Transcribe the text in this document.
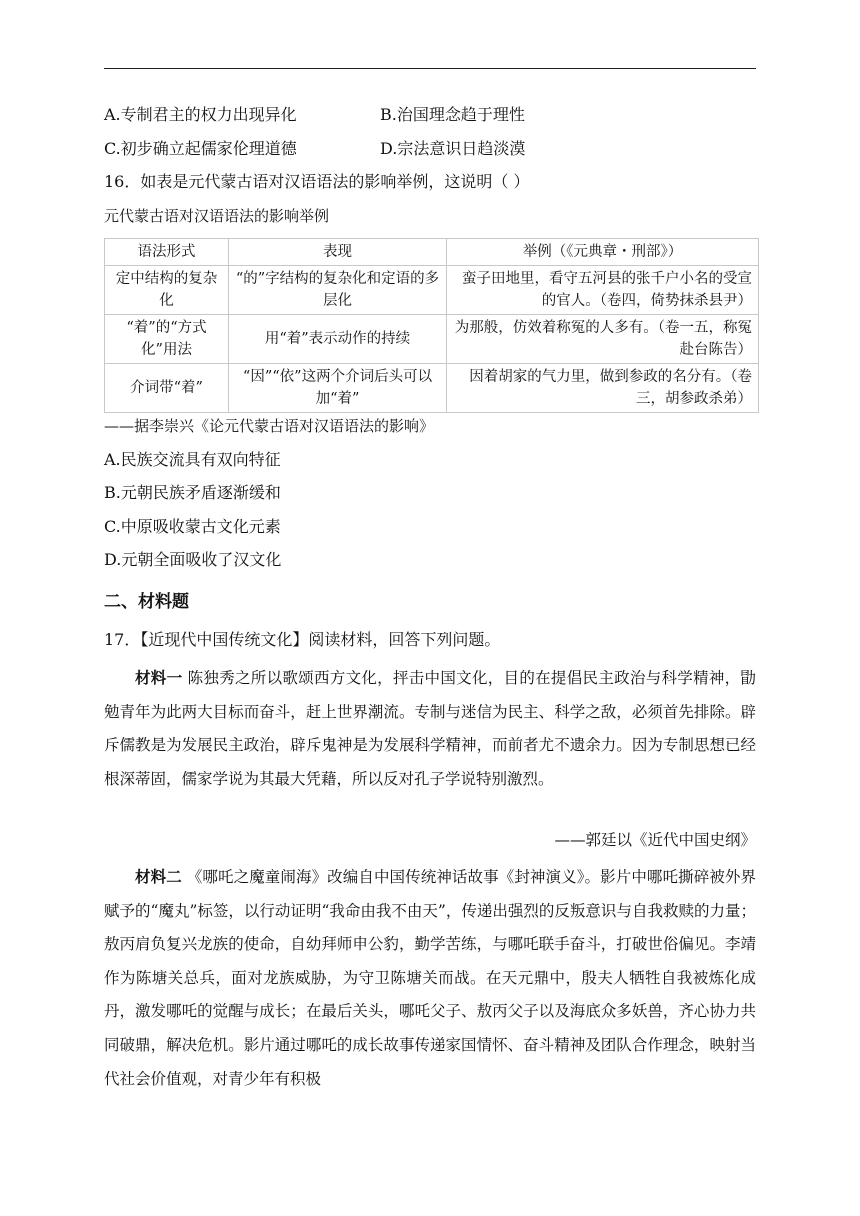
A.专制君主的权力出现异化	B.治国理念趋于理性
C.初步确立起儒家伦理道德	D.宗法意识日趋淡漠
16．如表是元代蒙古语对汉语语法的影响举例，这说明（ ）
元代蒙古语对汉语语法的影响举例
语法形式	表现	举例（《元典章・刑部》）
定中结构的复杂化	“的”字结构的复杂化和定语的多层化	蛮子田地里，看守五河县的张千户小名的受宣的官人。（卷四，倚势抹杀县尹）
“着”的“方式化”用法	用“着”表示动作的持续	为那般，仿效着称冤的人多有。（卷一五，称冤赴台陈告）
介词带“着”	“因”“依”这两个介词后头可以加“着”	因着胡家的气力里，做到参政的名分有。（卷三，胡参政杀弟）
——据李崇兴《论元代蒙古语对汉语语法的影响》
A.民族交流具有双向特征
B.元朝民族矛盾逐渐缓和
C.中原吸收蒙古文化元素
D.元朝全面吸收了汉文化
二、材料题
17．【近现代中国传统文化】阅读材料，回答下列问题。

材料一 陈独秀之所以歌颂西方文化，抨击中国文化，目的在提倡民主政治与科学精神，勖勉青年为此两大目标而奋斗，赶上世界潮流。专制与迷信为民主、科学之敌，必须首先排除。辟斥儒教是为发展民主政治，辟斥鬼神是为发展科学精神，而前者尤不遗余力。因为专制思想已经根深蒂固，儒家学说为其最大凭藉，所以反对孔子学说特别激烈。

——郭廷以《近代中国史纲》

材料二 《哪吒之魔童闹海》改编自中国传统神话故事《封神演义》。影片中哪吒撕碎被外界赋予的“魔丸”标签，以行动证明“我命由我不由天”，传递出强烈的反叛意识与自我救赎的力量；敖丙肩负复兴龙族的使命，自幼拜师申公豹，勤学苦练，与哪吒联手奋斗，打破世俗偏见。李靖作为陈塘关总兵，面对龙族威胁，为守卫陈塘关而战。在天元鼎中，殷夫人牺牲自我被炼化成丹，激发哪吒的觉醒与成长；在最后关头，哪吒父子、敖丙父子以及海底众多妖兽，齐心协力共同破鼎，解决危机。影片通过哪吒的成长故事传递家国情怀、奋斗精神及团队合作理念，映射当代社会价值观，对青少年有积极
